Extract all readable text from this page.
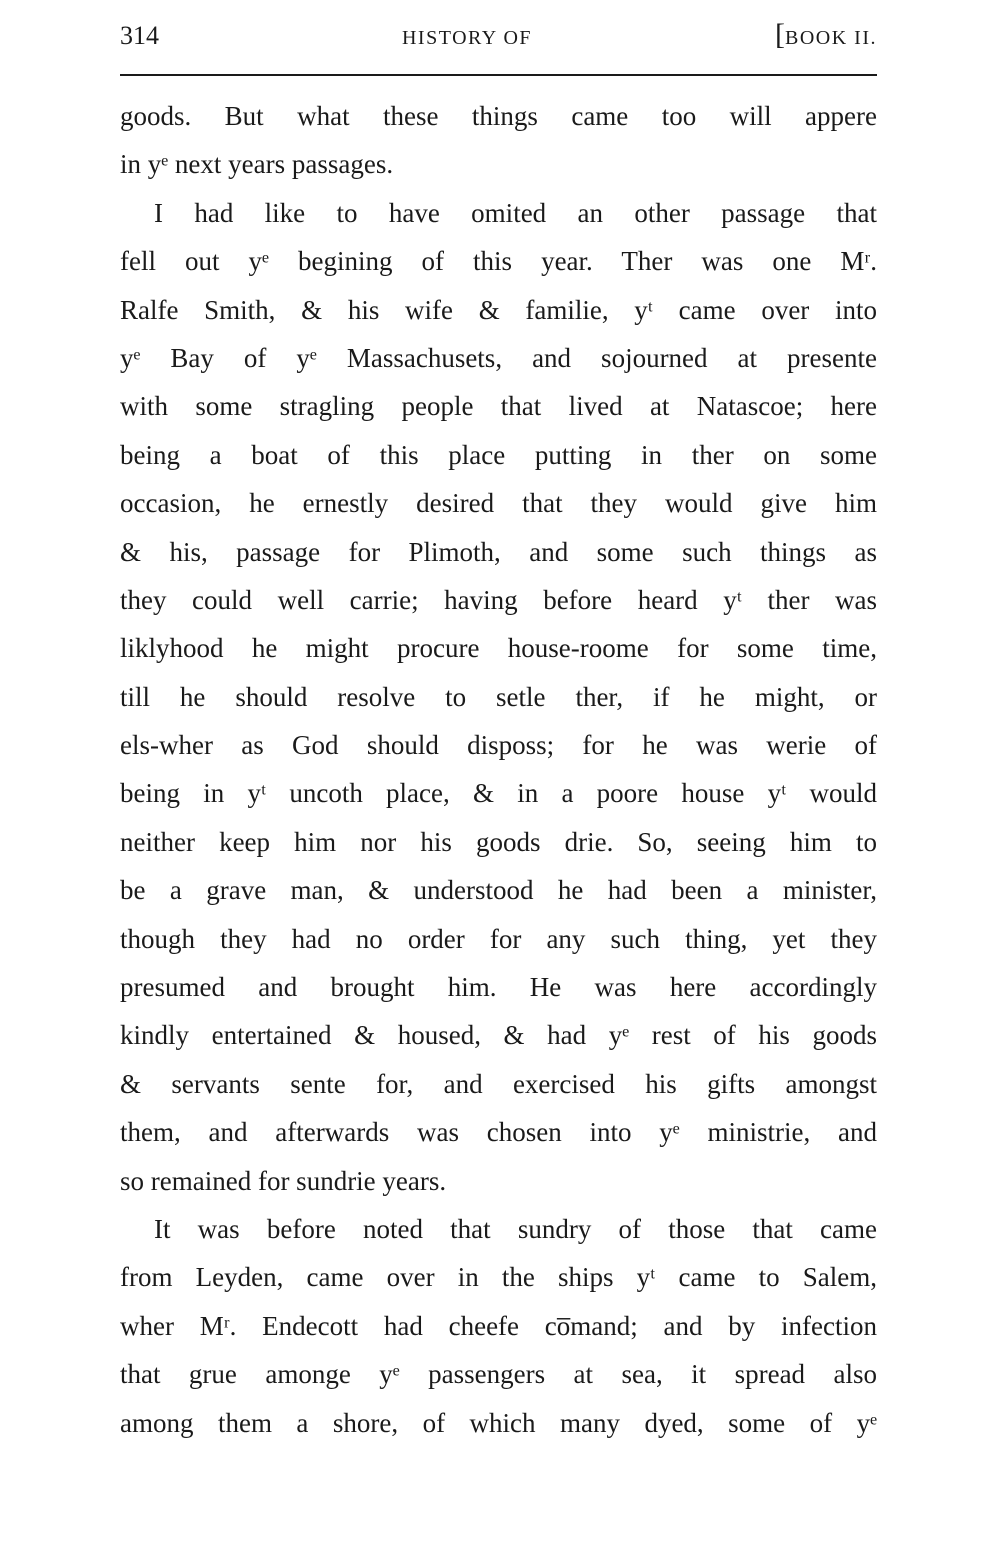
314	HISTORY OF	[BOOK II.
goods. But what these things came too will appere
in yᵉ next years passages.
I had like to have omited an other passage that
fell out yᵉ begining of this year. Ther was one Mʳ.
Ralfe Smith, & his wife & familie, yᵗ came over into
yᵉ Bay of yᵉ Massachusets, and sojourned at presente
with some stragling people that lived at Natascoe; here
being a boat of this place putting in ther on some
occasion, he ernestly desired that they would give him
& his, passage for Plimoth, and some such things as
they could well carrie; having before heard yᵗ ther was
liklyhood he might procure house-roome for some time,
till he should resolve to setle ther, if he might, or
els-wher as God should disposs; for he was werie of
being in yᵗ uncoth place, & in a poore house yᵗ would
neither keep him nor his goods drie. So, seeing him to
be a grave man, & understood he had been a minister,
though they had no order for any such thing, yet they
presumed and brought him. He was here accordingly
kindly entertained & housed, & had yᵉ rest of his goods
& servants sente for, and exercised his gifts amongst
them, and afterwards was chosen into yᵉ ministrie, and
so remained for sundrie years.
It was before noted that sundry of those that came
from Leyden, came over in the ships yᵗ came to Salem,
wher Mʳ. Endecott had cheefe co̅mand; and by infection
that grue amonge yᵉ passengers at sea, it spread also
among them a shore, of which many dyed, some of yᵉ
